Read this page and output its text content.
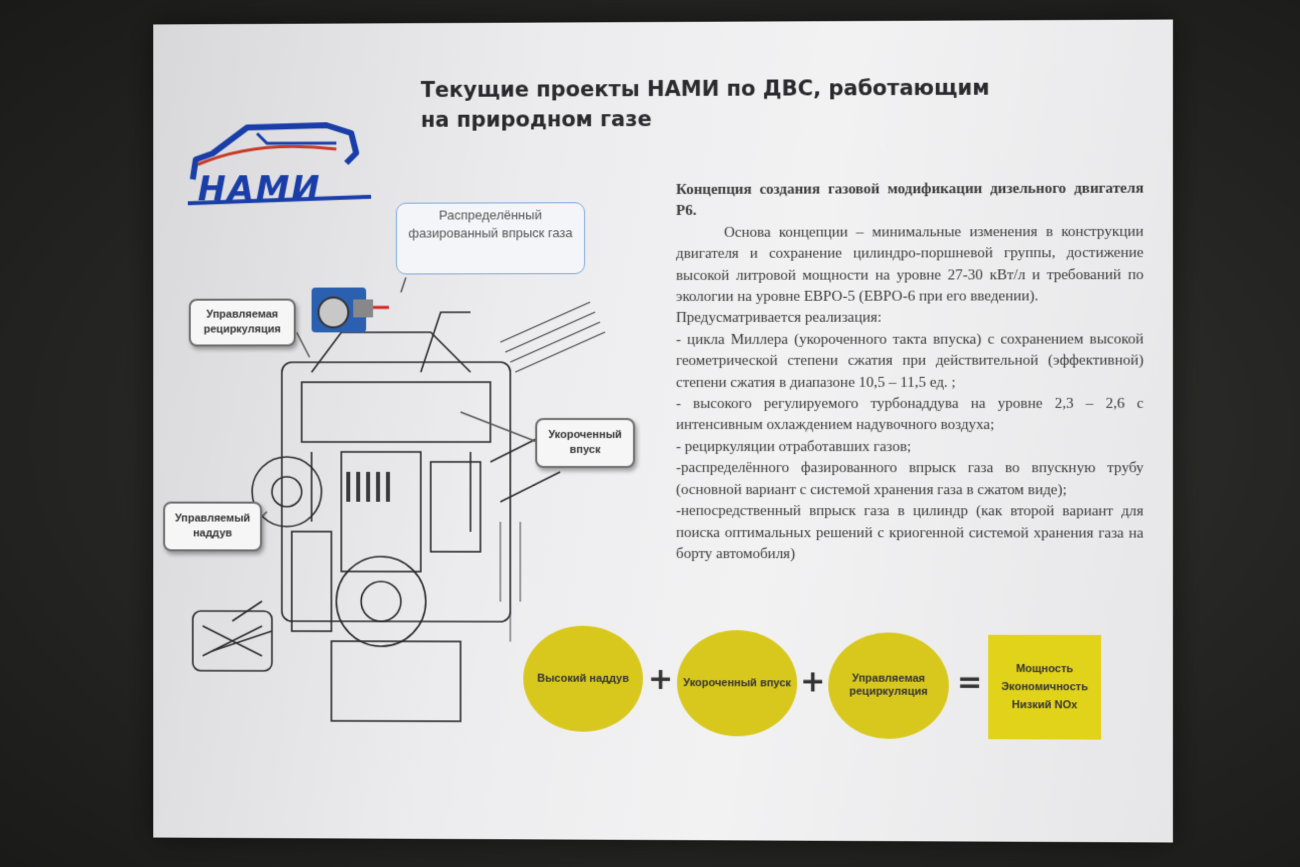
НАМИ
Текущие проекты НАМИ по ДВС, работающим
на природном газе
Распределённый фазированный впрыск газа
Управляемая рециркуляция
Укороченный впуск
Управляемый наддув

Концепция создания газовой модификации дизельного двигателя Р6.

Основа концепции – минимальные изменения в конструкции двигателя и сохранение цилиндро-поршневой группы, достижение высокой литровой мощности на уровне 27-30 кВт/л и требований по экологии на уровне ЕВРО-5 (ЕВРО-6 при его введении).

Предусматривается реализация:

- цикла Миллера (укороченного такта впуска) с сохранением высокой геометрической степени сжатия при действительной (эффективной) степени сжатия в диапазоне 10,5 – 11,5 ед. ;

- высокого регулируемого турбонаддува на уровне 2,3 – 2,6 с интенсивным охлаждением надувочного воздуха;

- рециркуляции отработавших газов;

-распределённого фазированного впрыск газа во впускную трубу (основной вариант с системой хранения газа в сжатом виде);

-непосредственный впрыск газа в цилиндр (как второй вариант для поиска оптимальных решений с криогенной системой хранения газа на борту автомобиля)

Высокий наддув + Укороченный впуск +	Управляемая рециркуляция =	Мощность
Экономичность
Низкий NOx
